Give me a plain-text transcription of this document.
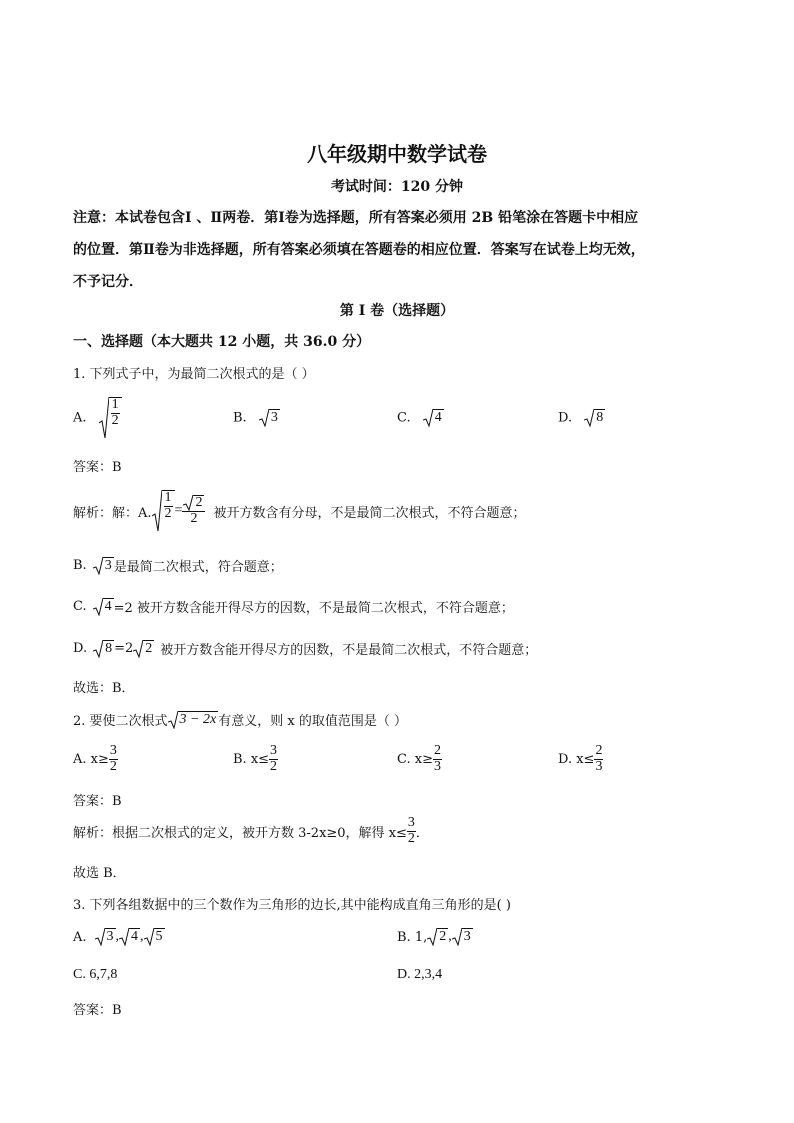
八年级期中数学试卷
考试时间：120 分钟
注意：本试卷包含Ⅰ 、Ⅱ两卷．第Ⅰ卷为选择题，所有答案必须用 2B 铅笔涂在答题卡中相应
的位置．第Ⅱ卷为非选择题，所有答案必须填在答题卷的相应位置．答案写在试卷上均无效，
不予记分．
第 I 卷（选择题）
一、选择题（本大题共 12 小题，共 36.0 分）
1. 下列式子中，为最简二次根式的是（ ）
A. $\frac{1}{2}$	B. 3	C. 4	D. 8
答案：B
解析：解：A. $\frac{1}{2} = \frac{2}{2}$ 被开方数含有分母，不是最简二次根式，不符合题意；
B. 3 是最简二次根式，符合题意；
C. 4 =2 被开方数含能开得尽方的因数，不是最简二次根式，不符合题意；
D. 8 =2 2 被开方数含能开得尽方的因数，不是最简二次根式，不符合题意；
故选：B．
2. 要使二次根式 3 − 2x 有意义，则 x 的取值范围是（ ）
A. $x\ge \frac{3}{2}$	B. $x\le \frac{3}{2}$	C. $x\ge \frac{2}{3}$	D. $x\le \frac{2}{3}$
答案：B
解析：根据二次根式的定义，被开方数 3-2x≥0，解得 $x\le \frac{3}{2}$ ．
故选 B．
3. 下列各组数据中的三个数作为三角形的边长,其中能构成直角三角形的是( )
A. 3 , 4 , 5	B. 1, 2 , 3
C. 6,7,8	D. 2,3,4
答案：B
